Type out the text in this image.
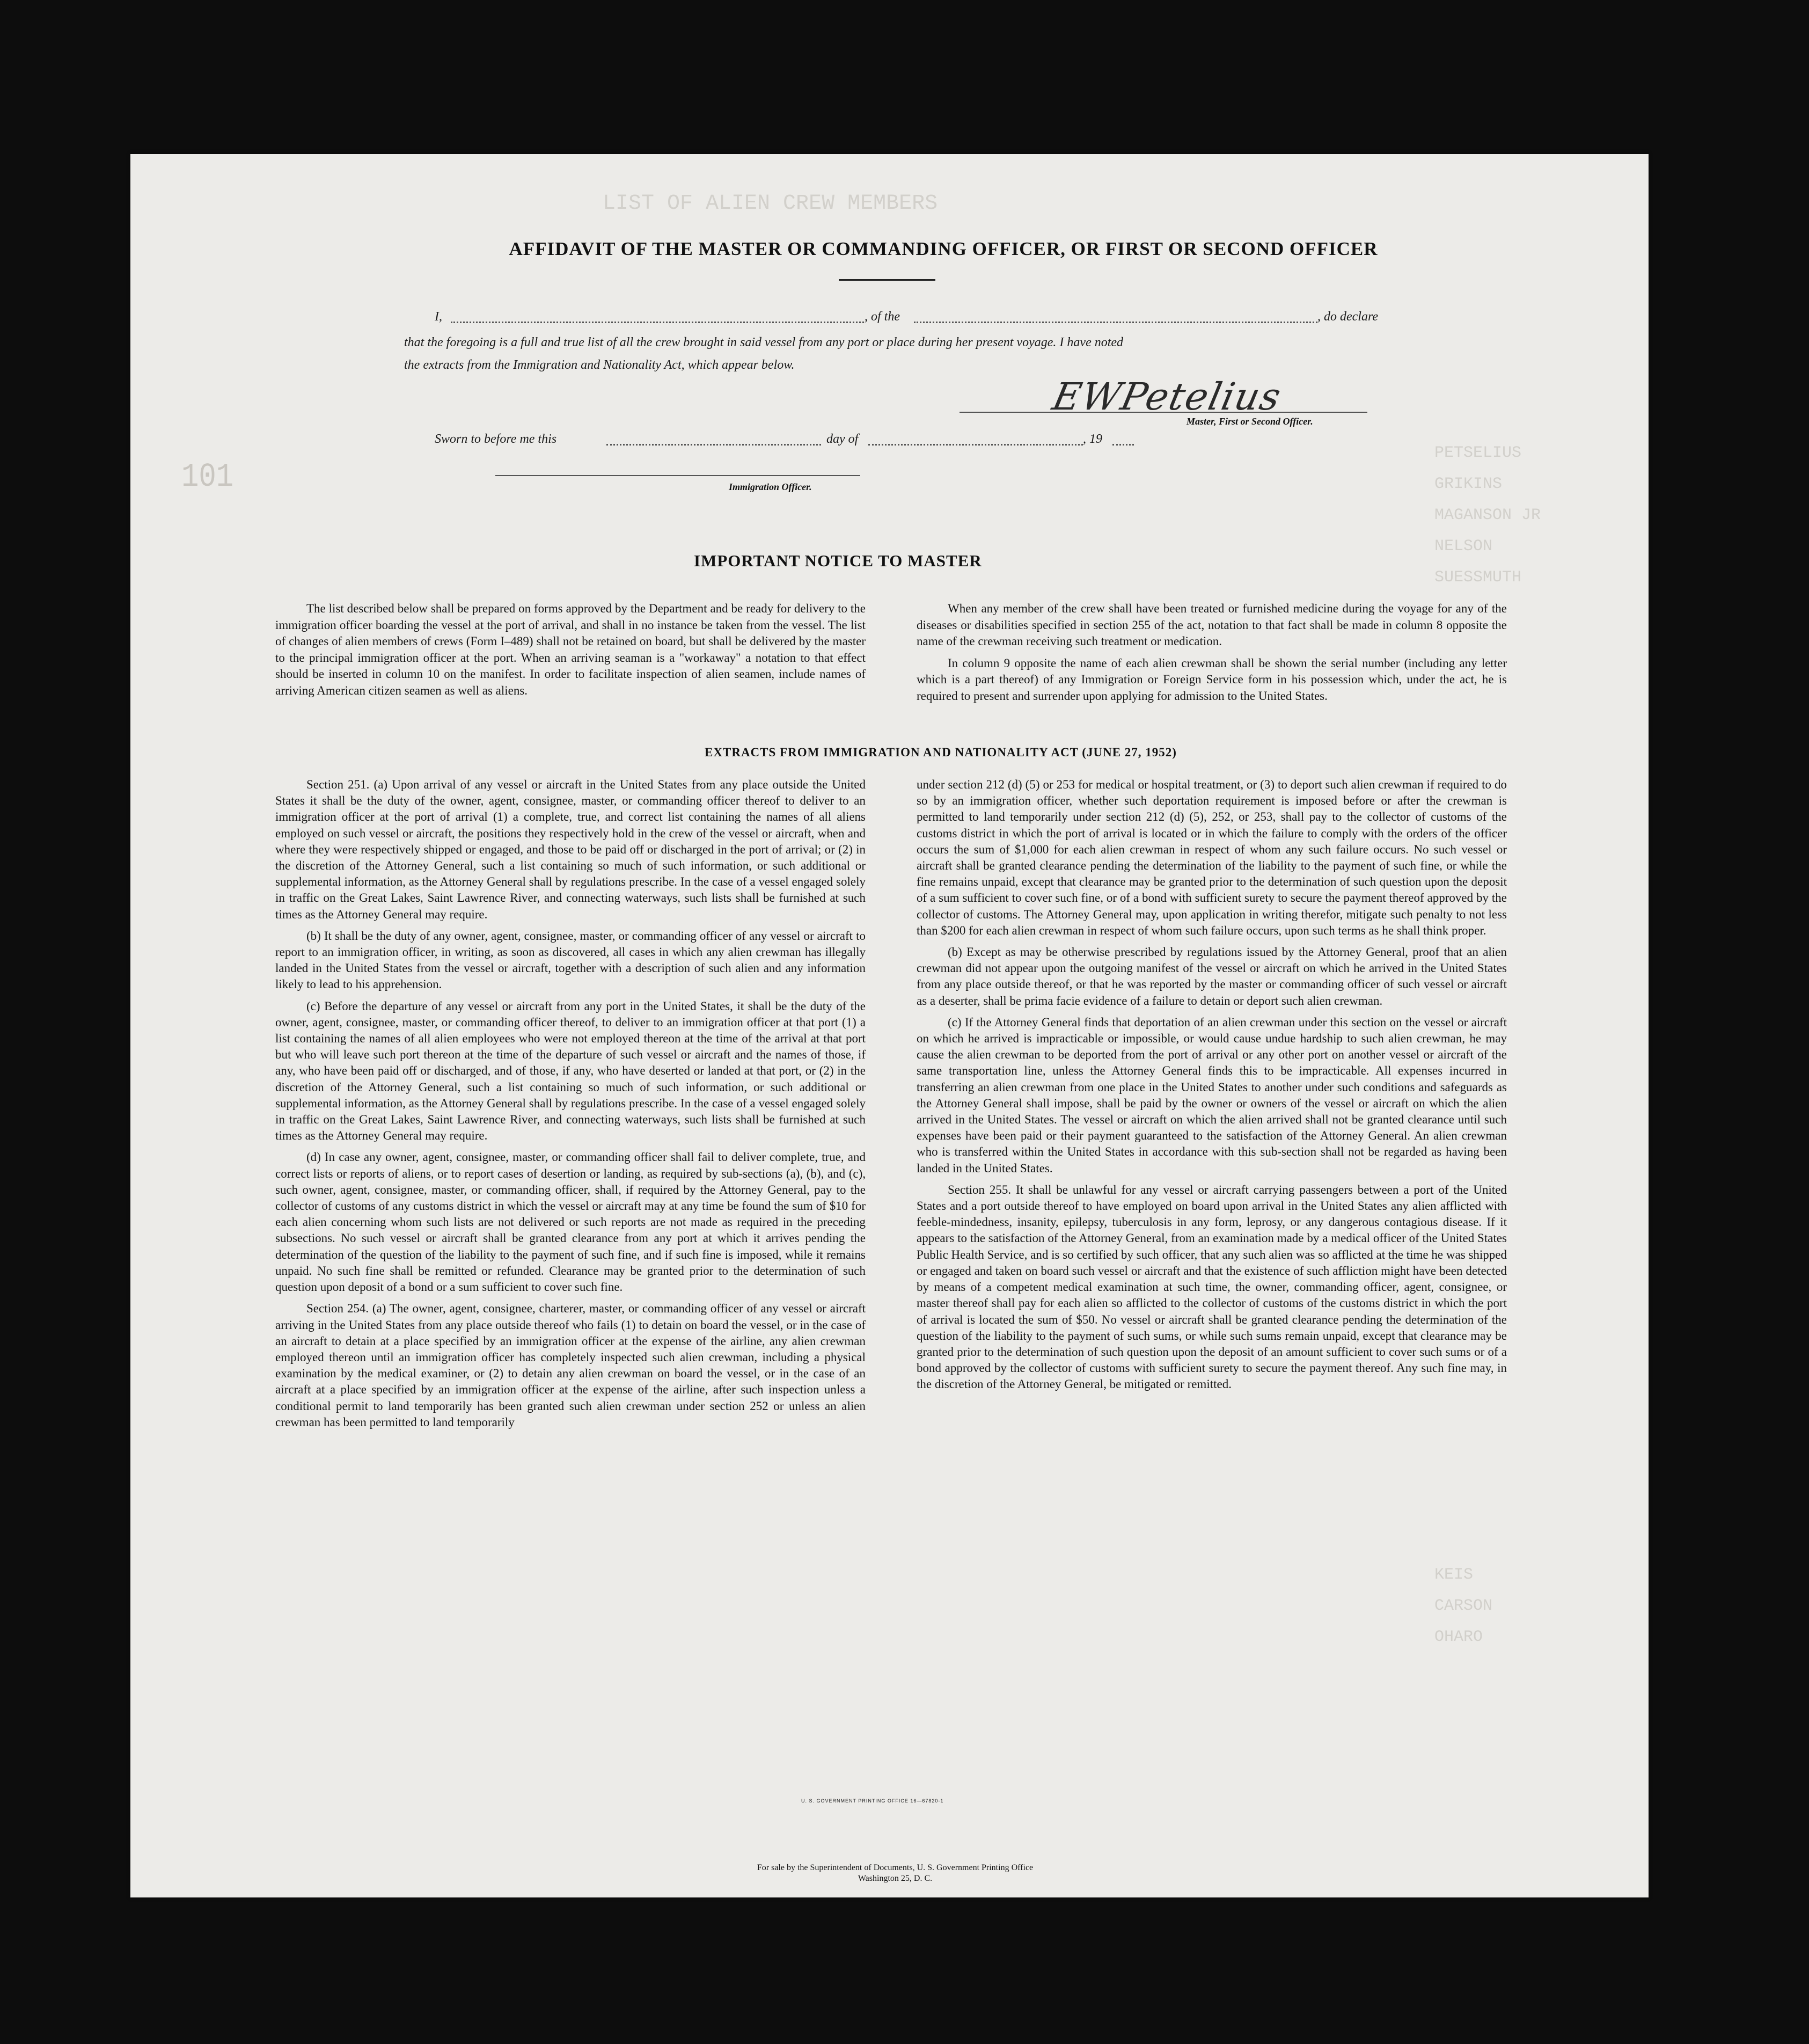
LIST OF ALIEN CREW MEMBERS
PETSELIUS
GRIKINS
MAGANSON JR
NELSON
SUESSMUTH
KEIS
CARSON
OHARO
101
AFFIDAVIT OF THE MASTER OR COMMANDING OFFICER, OR FIRST OR SECOND OFFICER
I,	, of the	, do declare
that the foregoing is a full and true list of all the crew brought in said vessel from any port or place during her present voyage. I have noted
the extracts from the Immigration and Nationality Act, which appear below.
EWPetelius
Master, First or Second Officer.
Sworn to before me this	day of	, 19
Immigration Officer.
IMPORTANT NOTICE TO MASTER

The list described below shall be prepared on forms approved by the Department and be ready for delivery to the immigration officer boarding the vessel at the port of arrival, and shall in no instance be taken from the vessel. The list of changes of alien members of crews (Form I–489) shall not be retained on board, but shall be delivered by the master to the principal immigration officer at the port. When an arriving seaman is a "workaway" a notation to that effect should be inserted in column 10 on the manifest. In order to facilitate inspection of alien seamen, include names of arriving American citizen seamen as well as aliens.

When any member of the crew shall have been treated or furnished medicine during the voyage for any of the diseases or disabilities specified in section 255 of the act, notation to that fact shall be made in column 8 opposite the name of the crewman receiving such treatment or medication.

In column 9 opposite the name of each alien crewman shall be shown the serial number (including any letter which is a part thereof) of any Immigration or Foreign Service form in his possession which, under the act, he is required to present and surrender upon applying for admission to the United States.

EXTRACTS FROM IMMIGRATION AND NATIONALITY ACT (JUNE 27, 1952)

Section 251. (a) Upon arrival of any vessel or aircraft in the United States from any place outside the United States it shall be the duty of the owner, agent, consignee, master, or commanding officer thereof to deliver to an immigration officer at the port of arrival (1) a complete, true, and correct list containing the names of all aliens employed on such vessel or aircraft, the positions they respectively hold in the crew of the vessel or aircraft, when and where they were respectively shipped or engaged, and those to be paid off or discharged in the port of arrival; or (2) in the discretion of the Attorney General, such a list containing so much of such information, or such additional or supplemental information, as the Attorney General shall by regulations prescribe. In the case of a vessel engaged solely in traffic on the Great Lakes, Saint Lawrence River, and connecting waterways, such lists shall be furnished at such times as the Attorney General may require.

(b) It shall be the duty of any owner, agent, consignee, master, or commanding officer of any vessel or aircraft to report to an immigration officer, in writing, as soon as discovered, all cases in which any alien crewman has illegally landed in the United States from the vessel or aircraft, together with a description of such alien and any information likely to lead to his apprehension.

(c) Before the departure of any vessel or aircraft from any port in the United States, it shall be the duty of the owner, agent, consignee, master, or commanding officer thereof, to deliver to an immigration officer at that port (1) a list containing the names of all alien employees who were not employed thereon at the time of the arrival at that port but who will leave such port thereon at the time of the departure of such vessel or aircraft and the names of those, if any, who have been paid off or discharged, and of those, if any, who have deserted or landed at that port, or (2) in the discretion of the Attorney General, such a list containing so much of such information, or such additional or supplemental information, as the Attorney General shall by regulations prescribe. In the case of a vessel engaged solely in traffic on the Great Lakes, Saint Lawrence River, and connecting waterways, such lists shall be furnished at such times as the Attorney General may require.

(d) In case any owner, agent, consignee, master, or commanding officer shall fail to deliver complete, true, and correct lists or reports of aliens, or to report cases of desertion or landing, as required by sub-sections (a), (b), and (c), such owner, agent, consignee, master, or commanding officer, shall, if required by the Attorney General, pay to the collector of customs of any customs district in which the vessel or aircraft may at any time be found the sum of $10 for each alien concerning whom such lists are not delivered or such reports are not made as required in the preceding subsections. No such vessel or aircraft shall be granted clearance from any port at which it arrives pending the determination of the question of the liability to the payment of such fine, and if such fine is imposed, while it remains unpaid. No such fine shall be remitted or refunded. Clearance may be granted prior to the determination of such question upon deposit of a bond or a sum sufficient to cover such fine.

Section 254. (a) The owner, agent, consignee, charterer, master, or commanding officer of any vessel or aircraft arriving in the United States from any place outside thereof who fails (1) to detain on board the vessel, or in the case of an aircraft to detain at a place specified by an immigration officer at the expense of the airline, any alien crewman employed thereon until an immigration officer has completely inspected such alien crewman, including a physical examination by the medical examiner, or (2) to detain any alien crewman on board the vessel, or in the case of an aircraft at a place specified by an immigration officer at the expense of the airline, after such inspection unless a conditional permit to land temporarily has been granted such alien crewman under section 252 or unless an alien crewman has been permitted to land temporarily

under section 212 (d) (5) or 253 for medical or hospital treatment, or (3) to deport such alien crewman if required to do so by an immigration officer, whether such deportation requirement is imposed before or after the crewman is permitted to land temporarily under section 212 (d) (5), 252, or 253, shall pay to the collector of customs of the customs district in which the port of arrival is located or in which the failure to comply with the orders of the officer occurs the sum of $1,000 for each alien crewman in respect of whom any such failure occurs. No such vessel or aircraft shall be granted clearance pending the determination of the liability to the payment of such fine, or while the fine remains unpaid, except that clearance may be granted prior to the determination of such question upon the deposit of a sum sufficient to cover such fine, or of a bond with sufficient surety to secure the payment thereof approved by the collector of customs. The Attorney General may, upon application in writing therefor, mitigate such penalty to not less than $200 for each alien crewman in respect of whom such failure occurs, upon such terms as he shall think proper.

(b) Except as may be otherwise prescribed by regulations issued by the Attorney General, proof that an alien crewman did not appear upon the outgoing manifest of the vessel or aircraft on which he arrived in the United States from any place outside thereof, or that he was reported by the master or commanding officer of such vessel or aircraft as a deserter, shall be prima facie evidence of a failure to detain or deport such alien crewman.

(c) If the Attorney General finds that deportation of an alien crewman under this section on the vessel or aircraft on which he arrived is impracticable or impossible, or would cause undue hardship to such alien crewman, he may cause the alien crewman to be deported from the port of arrival or any other port on another vessel or aircraft of the same transportation line, unless the Attorney General finds this to be impracticable. All expenses incurred in transferring an alien crewman from one place in the United States to another under such conditions and safeguards as the Attorney General shall impose, shall be paid by the owner or owners of the vessel or aircraft on which the alien arrived in the United States. The vessel or aircraft on which the alien arrived shall not be granted clearance until such expenses have been paid or their payment guaranteed to the satisfaction of the Attorney General. An alien crewman who is transferred within the United States in accordance with this sub-section shall not be regarded as having been landed in the United States.

Section 255. It shall be unlawful for any vessel or aircraft carrying passengers between a port of the United States and a port outside thereof to have employed on board upon arrival in the United States any alien afflicted with feeble-mindedness, insanity, epilepsy, tuberculosis in any form, leprosy, or any dangerous contagious disease. If it appears to the satisfaction of the Attorney General, from an examination made by a medical officer of the United States Public Health Service, and is so certified by such officer, that any such alien was so afflicted at the time he was shipped or engaged and taken on board such vessel or aircraft and that the existence of such affliction might have been detected by means of a competent medical examination at such time, the owner, commanding officer, agent, consignee, or master thereof shall pay for each alien so afflicted to the collector of customs of the customs district in which the port of arrival is located the sum of $50. No vessel or aircraft shall be granted clearance pending the determination of the question of the liability to the payment of such sums, or while such sums remain unpaid, except that clearance may be granted prior to the determination of such question upon the deposit of an amount sufficient to cover such sums or of a bond approved by the collector of customs with sufficient surety to secure the payment thereof. Any such fine may, in the discretion of the Attorney General, be mitigated or remitted.

U. S. GOVERNMENT PRINTING OFFICE 16—67820-1
For sale by the Superintendent of Documents, U. S. Government Printing Office
Washington 25, D. C.
